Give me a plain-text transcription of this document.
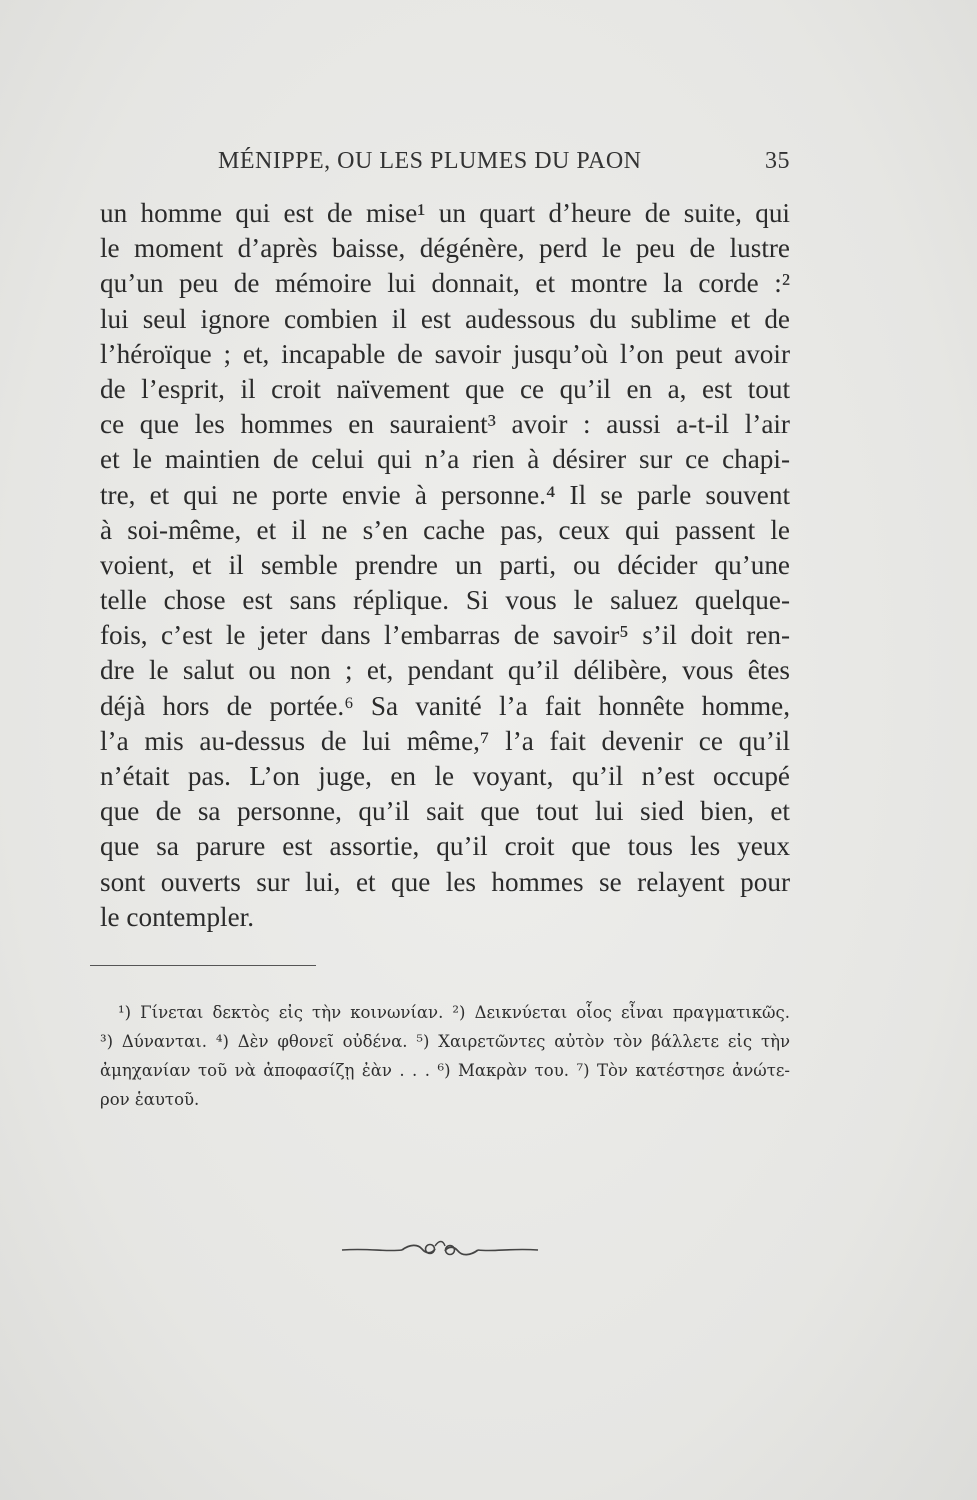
MÉNIPPE, OU LES PLUMES DU PAON	35
un homme qui est de mise¹ un quart d’heure de suite, qui
le moment d’après baisse, dégénère, perd le peu de lustre
qu’un peu de mémoire lui donnait, et montre la corde :²
lui seul ignore combien il est audessous du sublime et de
l’héroïque ; et, incapable de savoir jusqu’où l’on peut avoir
de l’esprit, il croit naïvement que ce qu’il en a, est tout
ce que les hommes en sauraient³ avoir : aussi a-t-il l’air
et le maintien de celui qui n’a rien à désirer sur ce chapi-
tre, et qui ne porte envie à personne.⁴ Il se parle souvent
à soi-même, et il ne s’en cache pas, ceux qui passent le
voient, et il semble prendre un parti, ou décider qu’une
telle chose est sans réplique. Si vous le saluez quelque-
fois, c’est le jeter dans l’embarras de savoir⁵ s’il doit ren-
dre le salut ou non ; et, pendant qu’il délibère, vous êtes
déjà hors de portée.⁶ Sa vanité l’a fait honnête homme,
l’a mis au-dessus de lui même,⁷ l’a fait devenir ce qu’il
n’était pas. L’on juge, en le voyant, qu’il n’est occupé
que de sa personne, qu’il sait que tout lui sied bien, et
que sa parure est assortie, qu’il croit que tous les yeux
sont ouverts sur lui, et que les hommes se relayent pour
le contempler.
¹) Γίνεται δεκτὸς εἰς τὴν κοινωνίαν. ²) Δεικνύεται οἷος εἶναι πραγματικῶς.
³) Δύνανται. ⁴) Δὲν φθονεῖ οὐδένα. ⁵) Χαιρετῶντες αὐτὸν τὸν βάλλετε εἰς τὴν
ἀμηχανίαν τοῦ νὰ ἀποφασίζῃ ἐὰν . . . ⁶) Μακρὰν του. ⁷) Τὸν κατέστησε ἀνώτε-
ρον ἑαυτοῦ.
